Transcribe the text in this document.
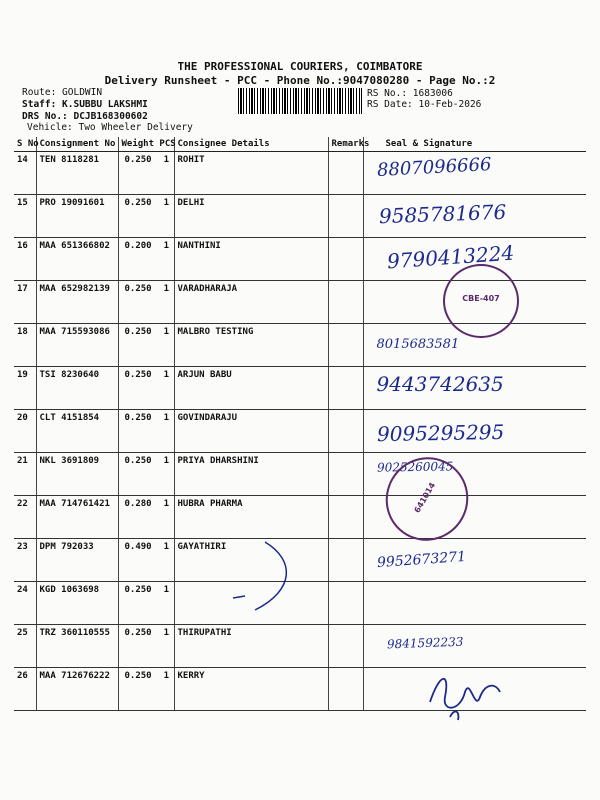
THE PROFESSIONAL COURIERS, COIMBATORE
Delivery Runsheet - PCC - Phone No.:9047080280 - Page No.:2
Route: GOLDWIN
Staff: K.SUBBU LAKSHMI
DRS No.: DCJB168300602
Vehicle: Two Wheeler Delivery
RS No.: 1683006
RS Date: 10-Feb-2026
S No	Consignment No	Weight PCS	Consignee Details	Remarks	Seal & Signature
14	TEN 8118281	0.250 1	ROHIT		8807096666
15	PRO 19091601	0.250 1	DELHI		9585781676
16	MAA 651366802	0.200 1	NANTHINI		9790413224
17	MAA 652982139	0.250 1	VARADHARAJA		
18	MAA 715593086	0.250 1	MALBRO TESTING		8015683581
19	TSI 8230640	0.250 1	ARJUN BABU		9443742635
20	CLT 4151854	0.250 1	GOVINDARAJU		9095295295
21	NKL 3691809	0.250 1	PRIYA DHARSHINI		9025260045
22	MAA 714761421	0.280 1	HUBRA PHARMA		
23	DPM 792033	0.490 1	GAYATHIRI		9952673271
24	KGD 1063698	0.250 1			
25	TRZ 360110555	0.250 1	THIRUPATHI		9841592233
26	MAA 712676222	0.250 1	KERRY		
CBE-407
641014
